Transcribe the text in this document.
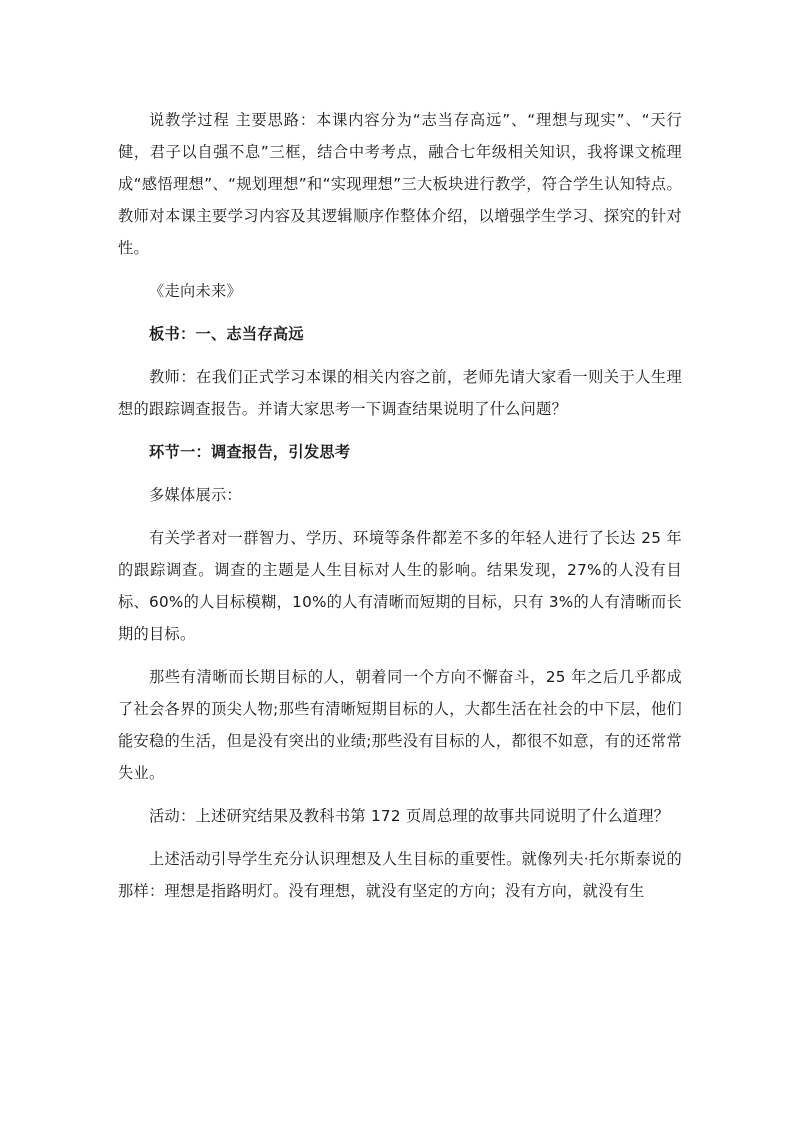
说教学过程 主要思路：本课内容分为“志当存高远”、“理想与现实”、“天行健，君子以自强不息”三框，结合中考考点，融合七年级相关知识，我将课文梳理成“感悟理想”、“规划理想”和“实现理想”三大板块进行教学，符合学生认知特点。教师对本课主要学习内容及其逻辑顺序作整体介绍，以增强学生学习、探究的针对性。

《走向未来》

板书：一、志当存高远

教师：在我们正式学习本课的相关内容之前，老师先请大家看一则关于人生理想的跟踪调查报告。并请大家思考一下调查结果说明了什么问题？

环节一：调查报告，引发思考

多媒体展示：

有关学者对一群智力、学历、环境等条件都差不多的年轻人进行了长达 25 年的跟踪调查。调查的主题是人生目标对人生的影响。结果发现，27%的人没有目标、60%的人目标模糊，10%的人有清晰而短期的目标，只有 3%的人有清晰而长期的目标。

那些有清晰而长期目标的人，朝着同一个方向不懈奋斗，25 年之后几乎都成了社会各界的顶尖人物;那些有清晰短期目标的人，大都生活在社会的中下层，他们能安稳的生活，但是没有突出的业绩;那些没有目标的人，都很不如意，有的还常常失业。

活动：上述研究结果及教科书第 172 页周总理的故事共同说明了什么道理？

上述活动引导学生充分认识理想及人生目标的重要性。就像列夫·托尔斯泰说的那样：理想是指路明灯。没有理想，就没有坚定的方向；没有方向，就没有生
